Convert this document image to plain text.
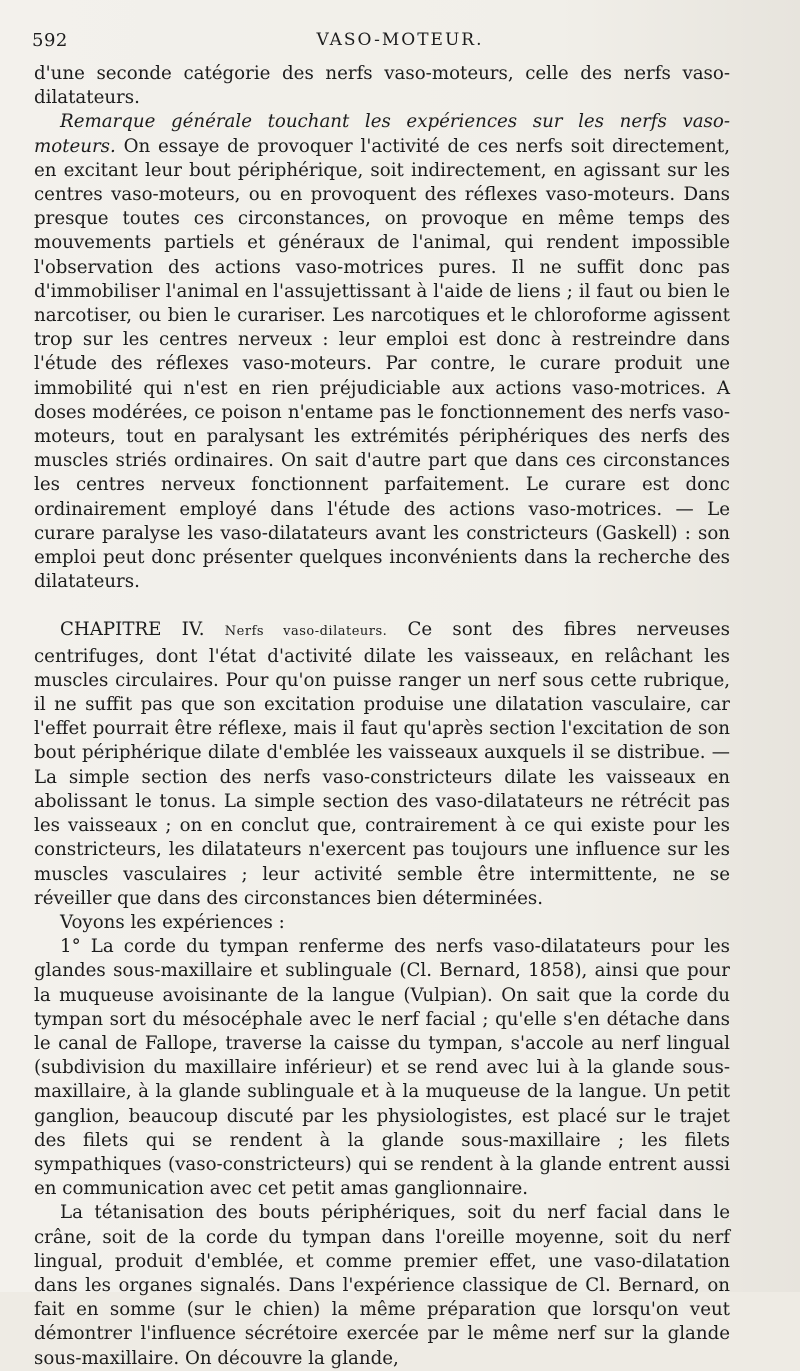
592	VASO-MOTEUR.

d'une seconde catégorie des nerfs vaso-moteurs, celle des nerfs vaso-dilatateurs.

Remarque générale touchant les expériences sur les nerfs vaso-moteurs. On essaye de provoquer l'activité de ces nerfs soit directement, en excitant leur bout périphérique, soit indirectement, en agissant sur les centres vaso-moteurs, ou en provoquent des réflexes vaso-moteurs. Dans presque toutes ces circonstances, on provoque en même temps des mouvements partiels et généraux de l'animal, qui rendent impossible l'observation des actions vaso-motrices pures. Il ne suffit donc pas d'immobiliser l'animal en l'assujettissant à l'aide de liens ; il faut ou bien le narcotiser, ou bien le curariser. Les narcotiques et le chloroforme agissent trop sur les centres nerveux : leur emploi est donc à restreindre dans l'étude des réflexes vaso-moteurs. Par contre, le curare produit une immobilité qui n'est en rien préjudiciable aux actions vaso-motrices. A doses modérées, ce poison n'entame pas le fonctionnement des nerfs vaso-moteurs, tout en paralysant les extrémités périphériques des nerfs des muscles striés ordinaires. On sait d'autre part que dans ces circonstances les centres nerveux fonctionnent parfaitement. Le curare est donc ordinairement employé dans l'étude des actions vaso-motrices. — Le curare paralyse les vaso-dilatateurs avant les constricteurs (Gaskell) : son emploi peut donc présenter quelques inconvénients dans la recherche des dilatateurs.

CHAPITRE IV. Nerfs vaso-dilateurs. Ce sont des fibres nerveuses centrifuges, dont l'état d'activité dilate les vaisseaux, en relâchant les muscles circulaires. Pour qu'on puisse ranger un nerf sous cette rubrique, il ne suffit pas que son excitation produise une dilatation vasculaire, car l'effet pourrait être réflexe, mais il faut qu'après section l'excitation de son bout périphérique dilate d'emblée les vaisseaux auxquels il se distribue. — La simple section des nerfs vaso-constricteurs dilate les vaisseaux en abolissant le tonus. La simple section des vaso-dilatateurs ne rétrécit pas les vaisseaux ; on en conclut que, contrairement à ce qui existe pour les constricteurs, les dilatateurs n'exercent pas toujours une influence sur les muscles vasculaires ; leur activité semble être intermittente, ne se réveiller que dans des circonstances bien déterminées.

Voyons les expériences :

1° La corde du tympan renferme des nerfs vaso-dilatateurs pour les glandes sous-maxillaire et sublinguale (Cl. Bernard, 1858), ainsi que pour la muqueuse avoisinante de la langue (Vulpian). On sait que la corde du tympan sort du mésocéphale avec le nerf facial ; qu'elle s'en détache dans le canal de Fallope, traverse la caisse du tympan, s'accole au nerf lingual (subdivision du maxillaire inférieur) et se rend avec lui à la glande sous-maxillaire, à la glande sublinguale et à la muqueuse de la langue. Un petit ganglion, beaucoup discuté par les physiologistes, est placé sur le trajet des filets qui se rendent à la glande sous-maxillaire ; les filets sympathiques (vaso-constricteurs) qui se rendent à la glande entrent aussi en communication avec cet petit amas ganglionnaire.

La tétanisation des bouts périphériques, soit du nerf facial dans le crâne, soit de la corde du tympan dans l'oreille moyenne, soit du nerf lingual, produit d'emblée, et comme premier effet, une vaso-dilatation dans les organes signalés. Dans l'expérience classique de Cl. Bernard, on fait en somme (sur le chien) la même préparation que lorsqu'on veut démontrer l'influence sécrétoire exercée par le même nerf sur la glande sous-maxillaire. On découvre la glande,
